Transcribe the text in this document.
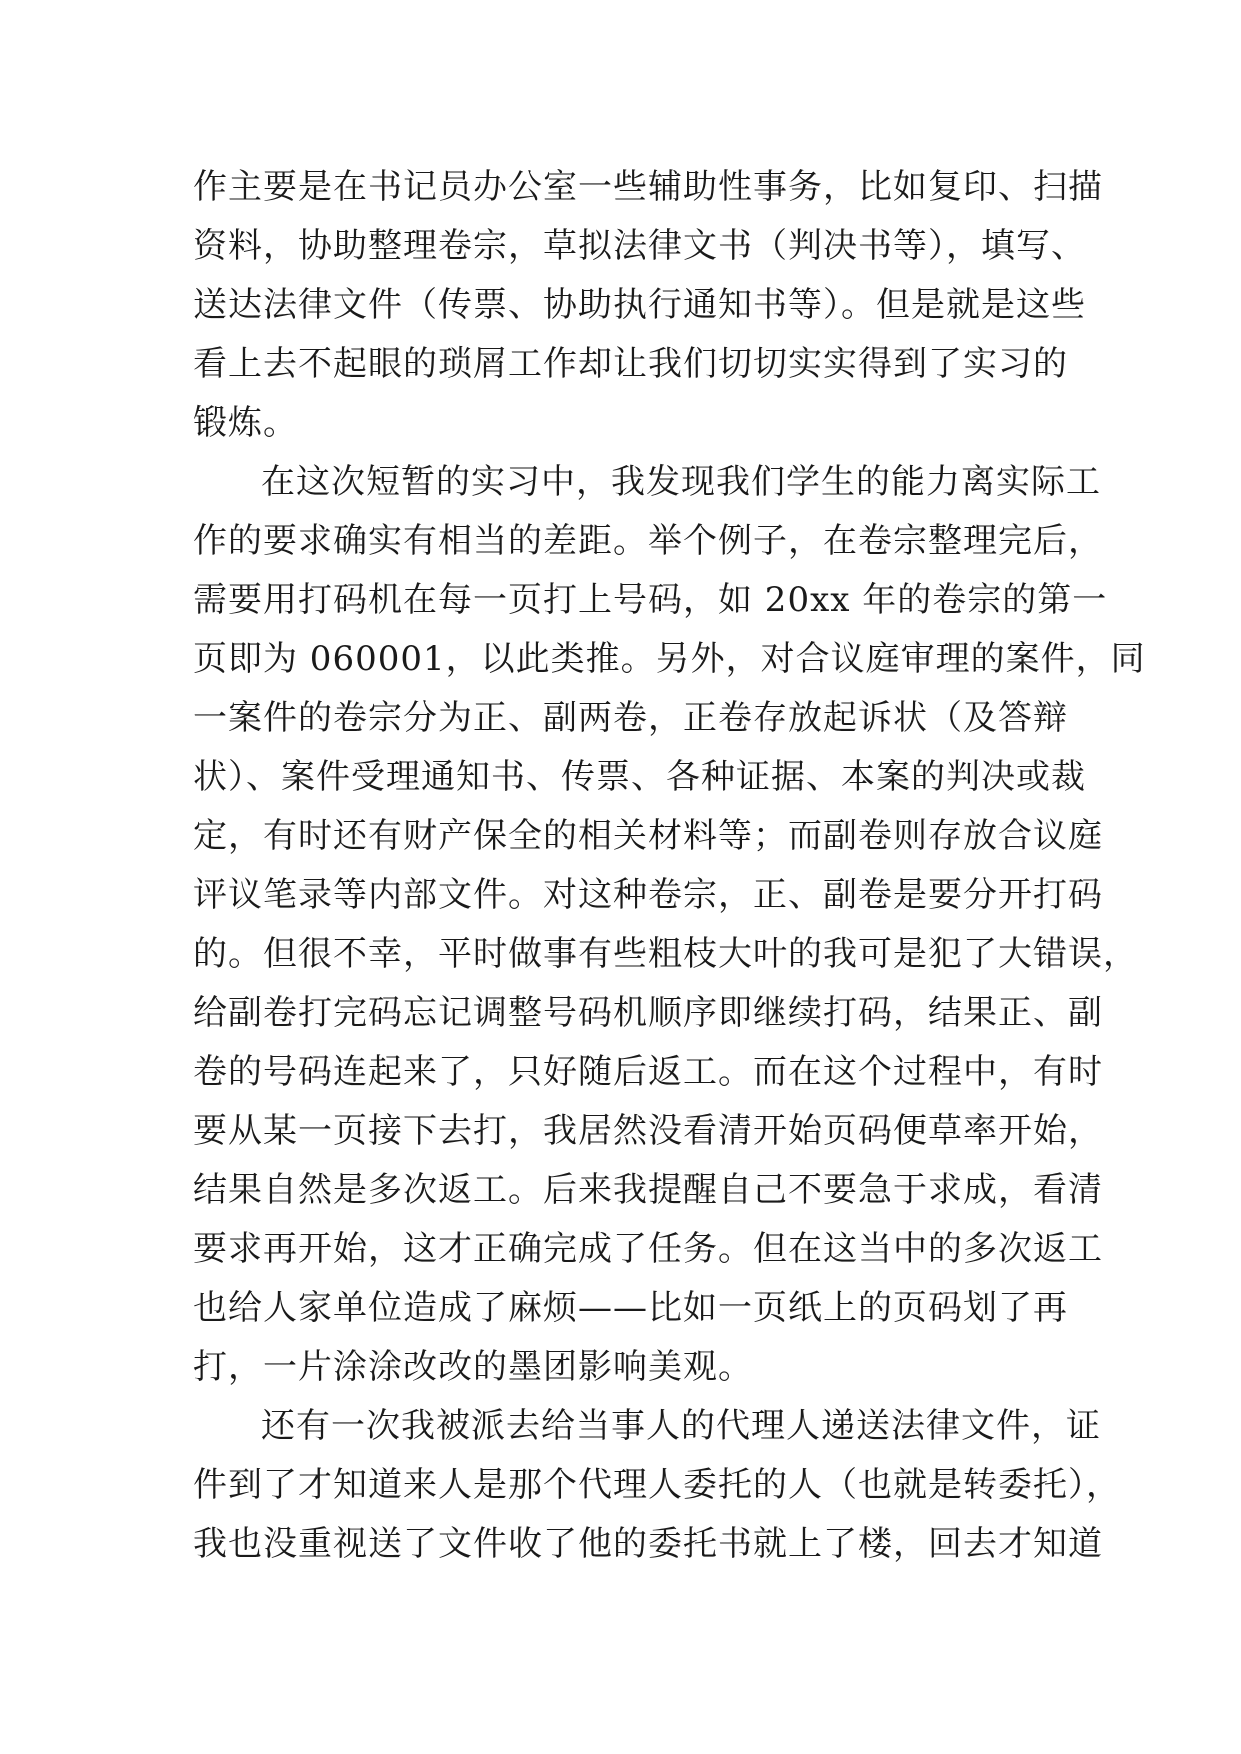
作主要是在书记员办公室一些辅助性事务，比如复印、扫描
资料，协助整理卷宗，草拟法律文书（判决书等），填写、
送达法律文件（传票、协助执行通知书等）。但是就是这些
看上去不起眼的琐屑工作却让我们切切实实得到了实习的
锻炼。
在这次短暂的实习中，我发现我们学生的能力离实际工
作的要求确实有相当的差距。举个例子，在卷宗整理完后，
需要用打码机在每一页打上号码，如 20xx 年的卷宗的第一
页即为 060001，以此类推。另外，对合议庭审理的案件，同
一案件的卷宗分为正、副两卷，正卷存放起诉状（及答辩
状）、案件受理通知书、传票、各种证据、本案的判决或裁
定，有时还有财产保全的相关材料等；而副卷则存放合议庭
评议笔录等内部文件。对这种卷宗，正、副卷是要分开打码
的。但很不幸，平时做事有些粗枝大叶的我可是犯了大错误，
给副卷打完码忘记调整号码机顺序即继续打码，结果正、副
卷的号码连起来了，只好随后返工。而在这个过程中，有时
要从某一页接下去打，我居然没看清开始页码便草率开始，
结果自然是多次返工。后来我提醒自己不要急于求成，看清
要求再开始，这才正确完成了任务。但在这当中的多次返工
也给人家单位造成了麻烦——比如一页纸上的页码划了再
打，一片涂涂改改的墨团影响美观。
还有一次我被派去给当事人的代理人递送法律文件，证
件到了才知道来人是那个代理人委托的人（也就是转委托），
我也没重视送了文件收了他的委托书就上了楼，回去才知道
